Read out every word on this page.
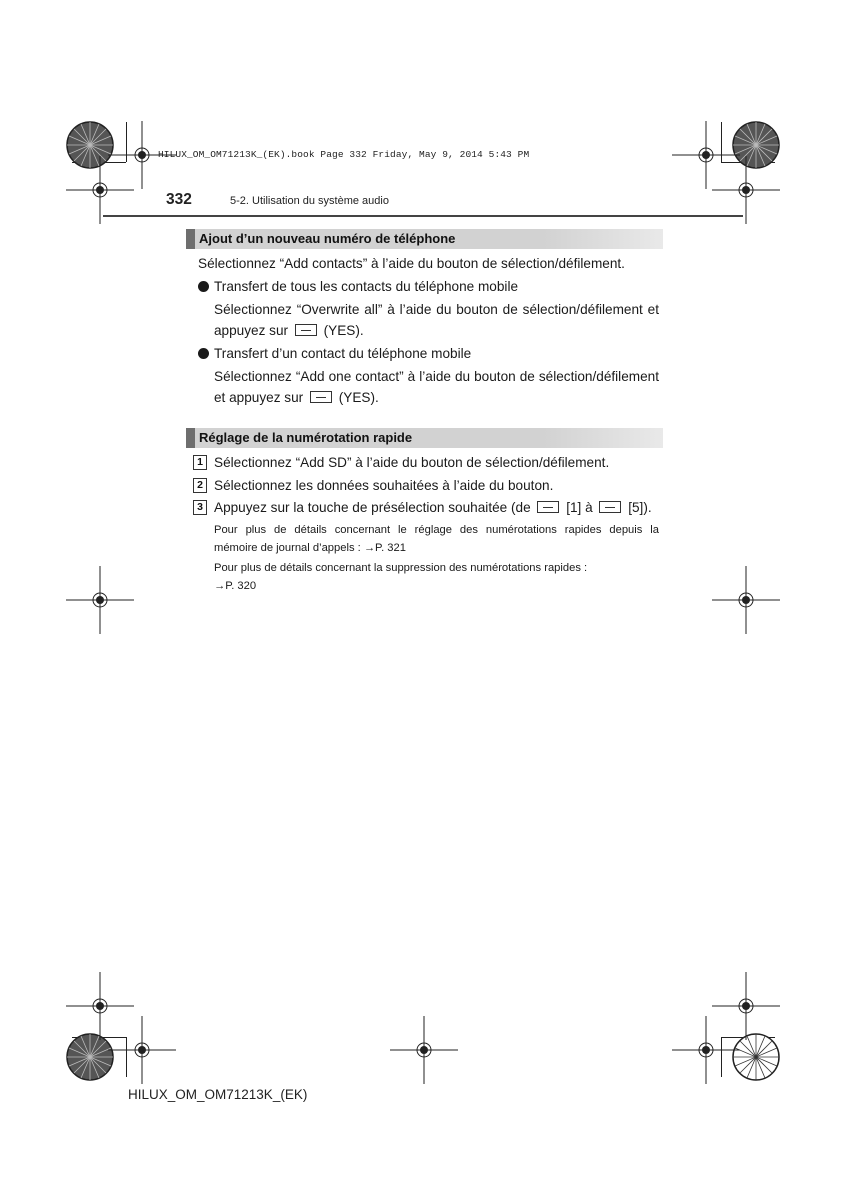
HILUX_OM_OM71213K_(EK).book Page 332 Friday, May 9, 2014 5:43 PM
332	5-2. Utilisation du système audio
Ajout d’un nouveau numéro de téléphone
Sélectionnez “Add contacts” à l’aide du bouton de sélection/défilement.
Transfert de tous les contacts du téléphone mobile
Sélectionnez “Overwrite all” à l’aide du bouton de sélection/défilement et
appuyez sur	(YES).
Transfert d’un contact du téléphone mobile
Sélectionnez “Add one contact” à l’aide du bouton de sélection/défilement
et appuyez sur	(YES).
Réglage de la numérotation rapide
1 Sélectionnez “Add SD” à l’aide du bouton de sélection/défilement.
2 Sélectionnez les données souhaitées à l’aide du bouton.
3 Appuyez sur la touche de présélection souhaitée (de	[1] à	[5]).
Pour plus de détails concernant le réglage des numérotations rapides depuis la
mémoire de journal d’appels : →P. 321
Pour plus de détails concernant la suppression des numérotations rapides :
→P. 320
HILUX_OM_OM71213K_(EK)
